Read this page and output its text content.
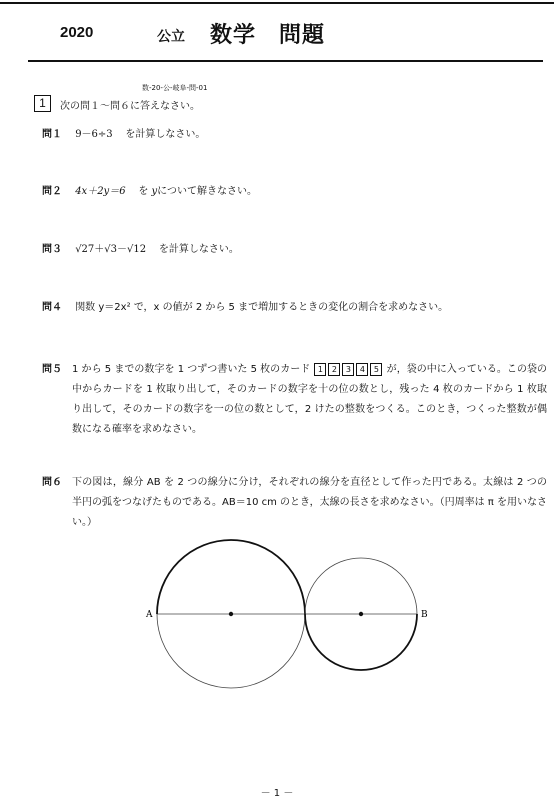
2020	公立 数学　問題
数-20-公-岐阜-問-01
1	次の問１～問６に答えなさい。
問１ 9－6÷3 を計算しなさい。
問２ 4x＋2y＝6 を yについて解きなさい。
問３ √27＋√3－√12 を計算しなさい。
問４ 関数 y＝2x² で，x の値が 2 から 5 まで増加するときの変化の割合を求めなさい。
問５	1 から 5 までの数字を 1 つずつ書いた 5 枚のカード 1 2 3 4 5 が，袋の中に入っている。この袋の中からカードを 1 枚取り出して，そのカードの数字を十の位の数とし，残った 4 枚のカードから 1 枚取り出して，そのカードの数字を一の位の数として，2 けたの整数をつくる。このとき，つくった整数が偶数になる確率を求めなさい。
問６	下の図は，線分 AB を 2 つの線分に分け，それぞれの線分を直径として作った円である。太線は 2 つの半円の弧をつなげたものである。AB＝10 cm のとき，太線の長さを求めなさい。（円周率は π を用いなさい。）
A	B
－ 1 －
